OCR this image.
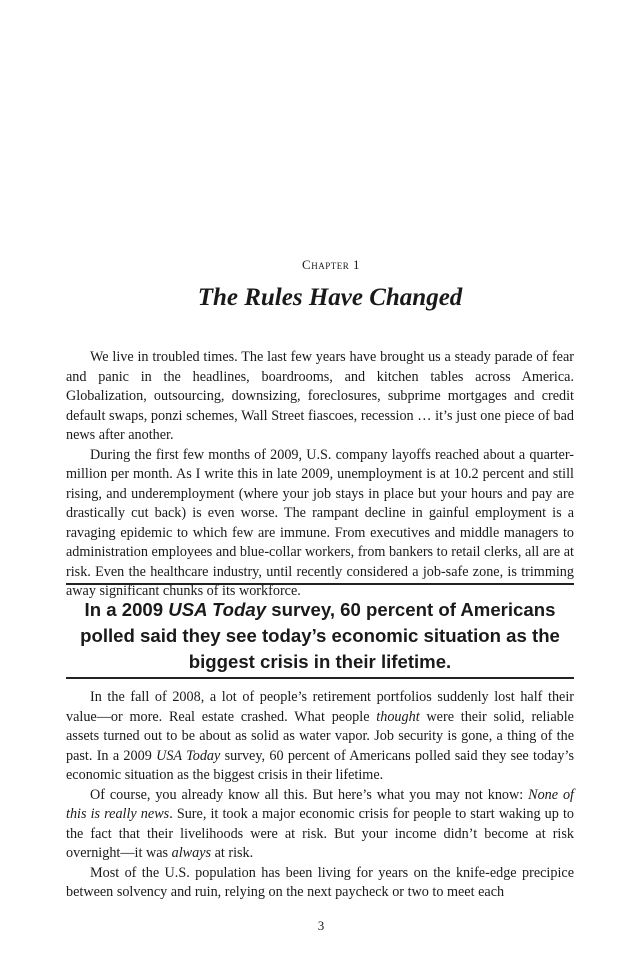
Chapter 1
The Rules Have Changed

We live in troubled times. The last few years have brought us a steady parade of fear and panic in the headlines, boardrooms, and kitchen tables across America. Globalization, outsourcing, downsizing, foreclosures, subprime mortgages and credit default swaps, ponzi schemes, Wall Street fiascoes, recession … it’s just one piece of bad news after another.

During the first few months of 2009, U.S. company layoffs reached about a quarter-million per month. As I write this in late 2009, unemployment is at 10.2 percent and still rising, and underemployment (where your job stays in place but your hours and pay are drastically cut back) is even worse. The rampant decline in gainful employment is a ravaging epidemic to which few are immune. From executives and middle managers to administration employees and blue-collar workers, from bankers to retail clerks, all are at risk. Even the healthcare industry, until recently considered a job-safe zone, is trimming away significant chunks of its workforce.

In a 2009 USA Today survey, 60 percent of Americans polled said they see today’s economic situation as the biggest crisis in their lifetime.

In the fall of 2008, a lot of people’s retirement portfolios suddenly lost half their value—or more. Real estate crashed. What people thought were their solid, reliable assets turned out to be about as solid as water vapor. Job security is gone, a thing of the past. In a 2009 USA Today survey, 60 percent of Americans polled said they see today’s economic situation as the biggest crisis in their lifetime.

Of course, you already know all this. But here’s what you may not know: None of this is really news. Sure, it took a major economic crisis for people to start waking up to the fact that their livelihoods were at risk. But your income didn’t become at risk overnight—it was always at risk.

Most of the U.S. population has been living for years on the knife-edge precipice between solvency and ruin, relying on the next paycheck or two to meet each

3
